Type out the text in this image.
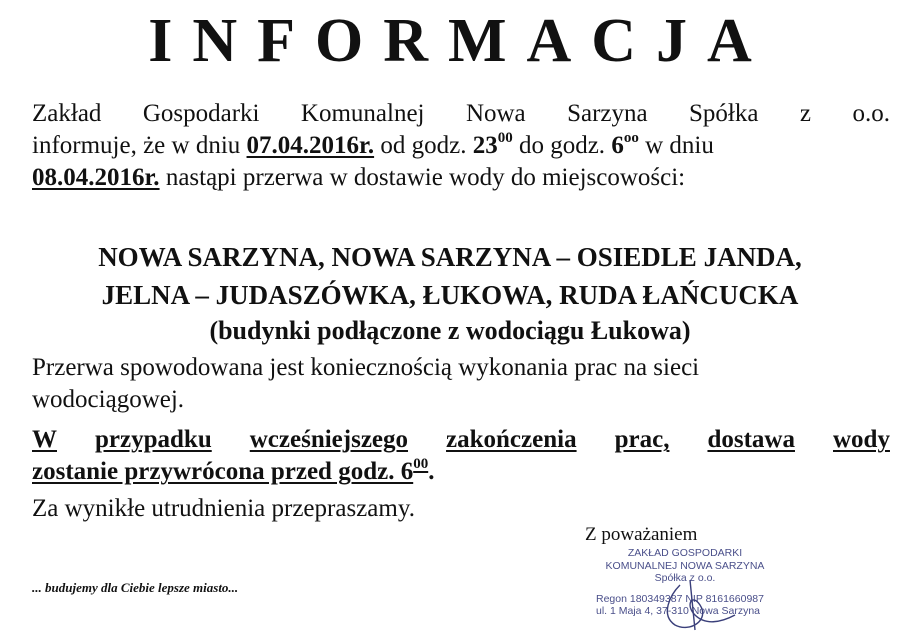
INFORMACJA
Zakład Gospodarki Komunalnej Nowa Sarzyna Spółka z o.o.
informuje, że w dniu 07.04.2016r. od godz. $23^{00}$ do godz. $6^{oo}$ w dniu
08.04.2016r. nastąpi przerwa w dostawie wody do miejscowości:
NOWA SARZYNA, NOWA SARZYNA – OSIEDLE JANDA,
JELNA – JUDASZÓWKA, ŁUKOWA, RUDA ŁAŃCUCKA
(budynki podłączone z wodociągu Łukowa)
Przerwa spowodowana jest koniecznością wykonania prac na sieci
wodociągowej.
W przypadku wcześniejszego zakończenia prac, dostawa wody
zostanie przywrócona przed godz. $6^{00}$.
Za wynikłe utrudnienia przepraszamy.
... budujemy dla Ciebie lepsze miasto...
Z poważaniem
ZAKŁAD GOSPODARKI
KOMUNALNEJ NOWA SARZYNA
Spółka z o.o.
Regon 180349387 NIP 8161660987
ul. 1 Maja 4, 37-310 Nowa Sarzyna
